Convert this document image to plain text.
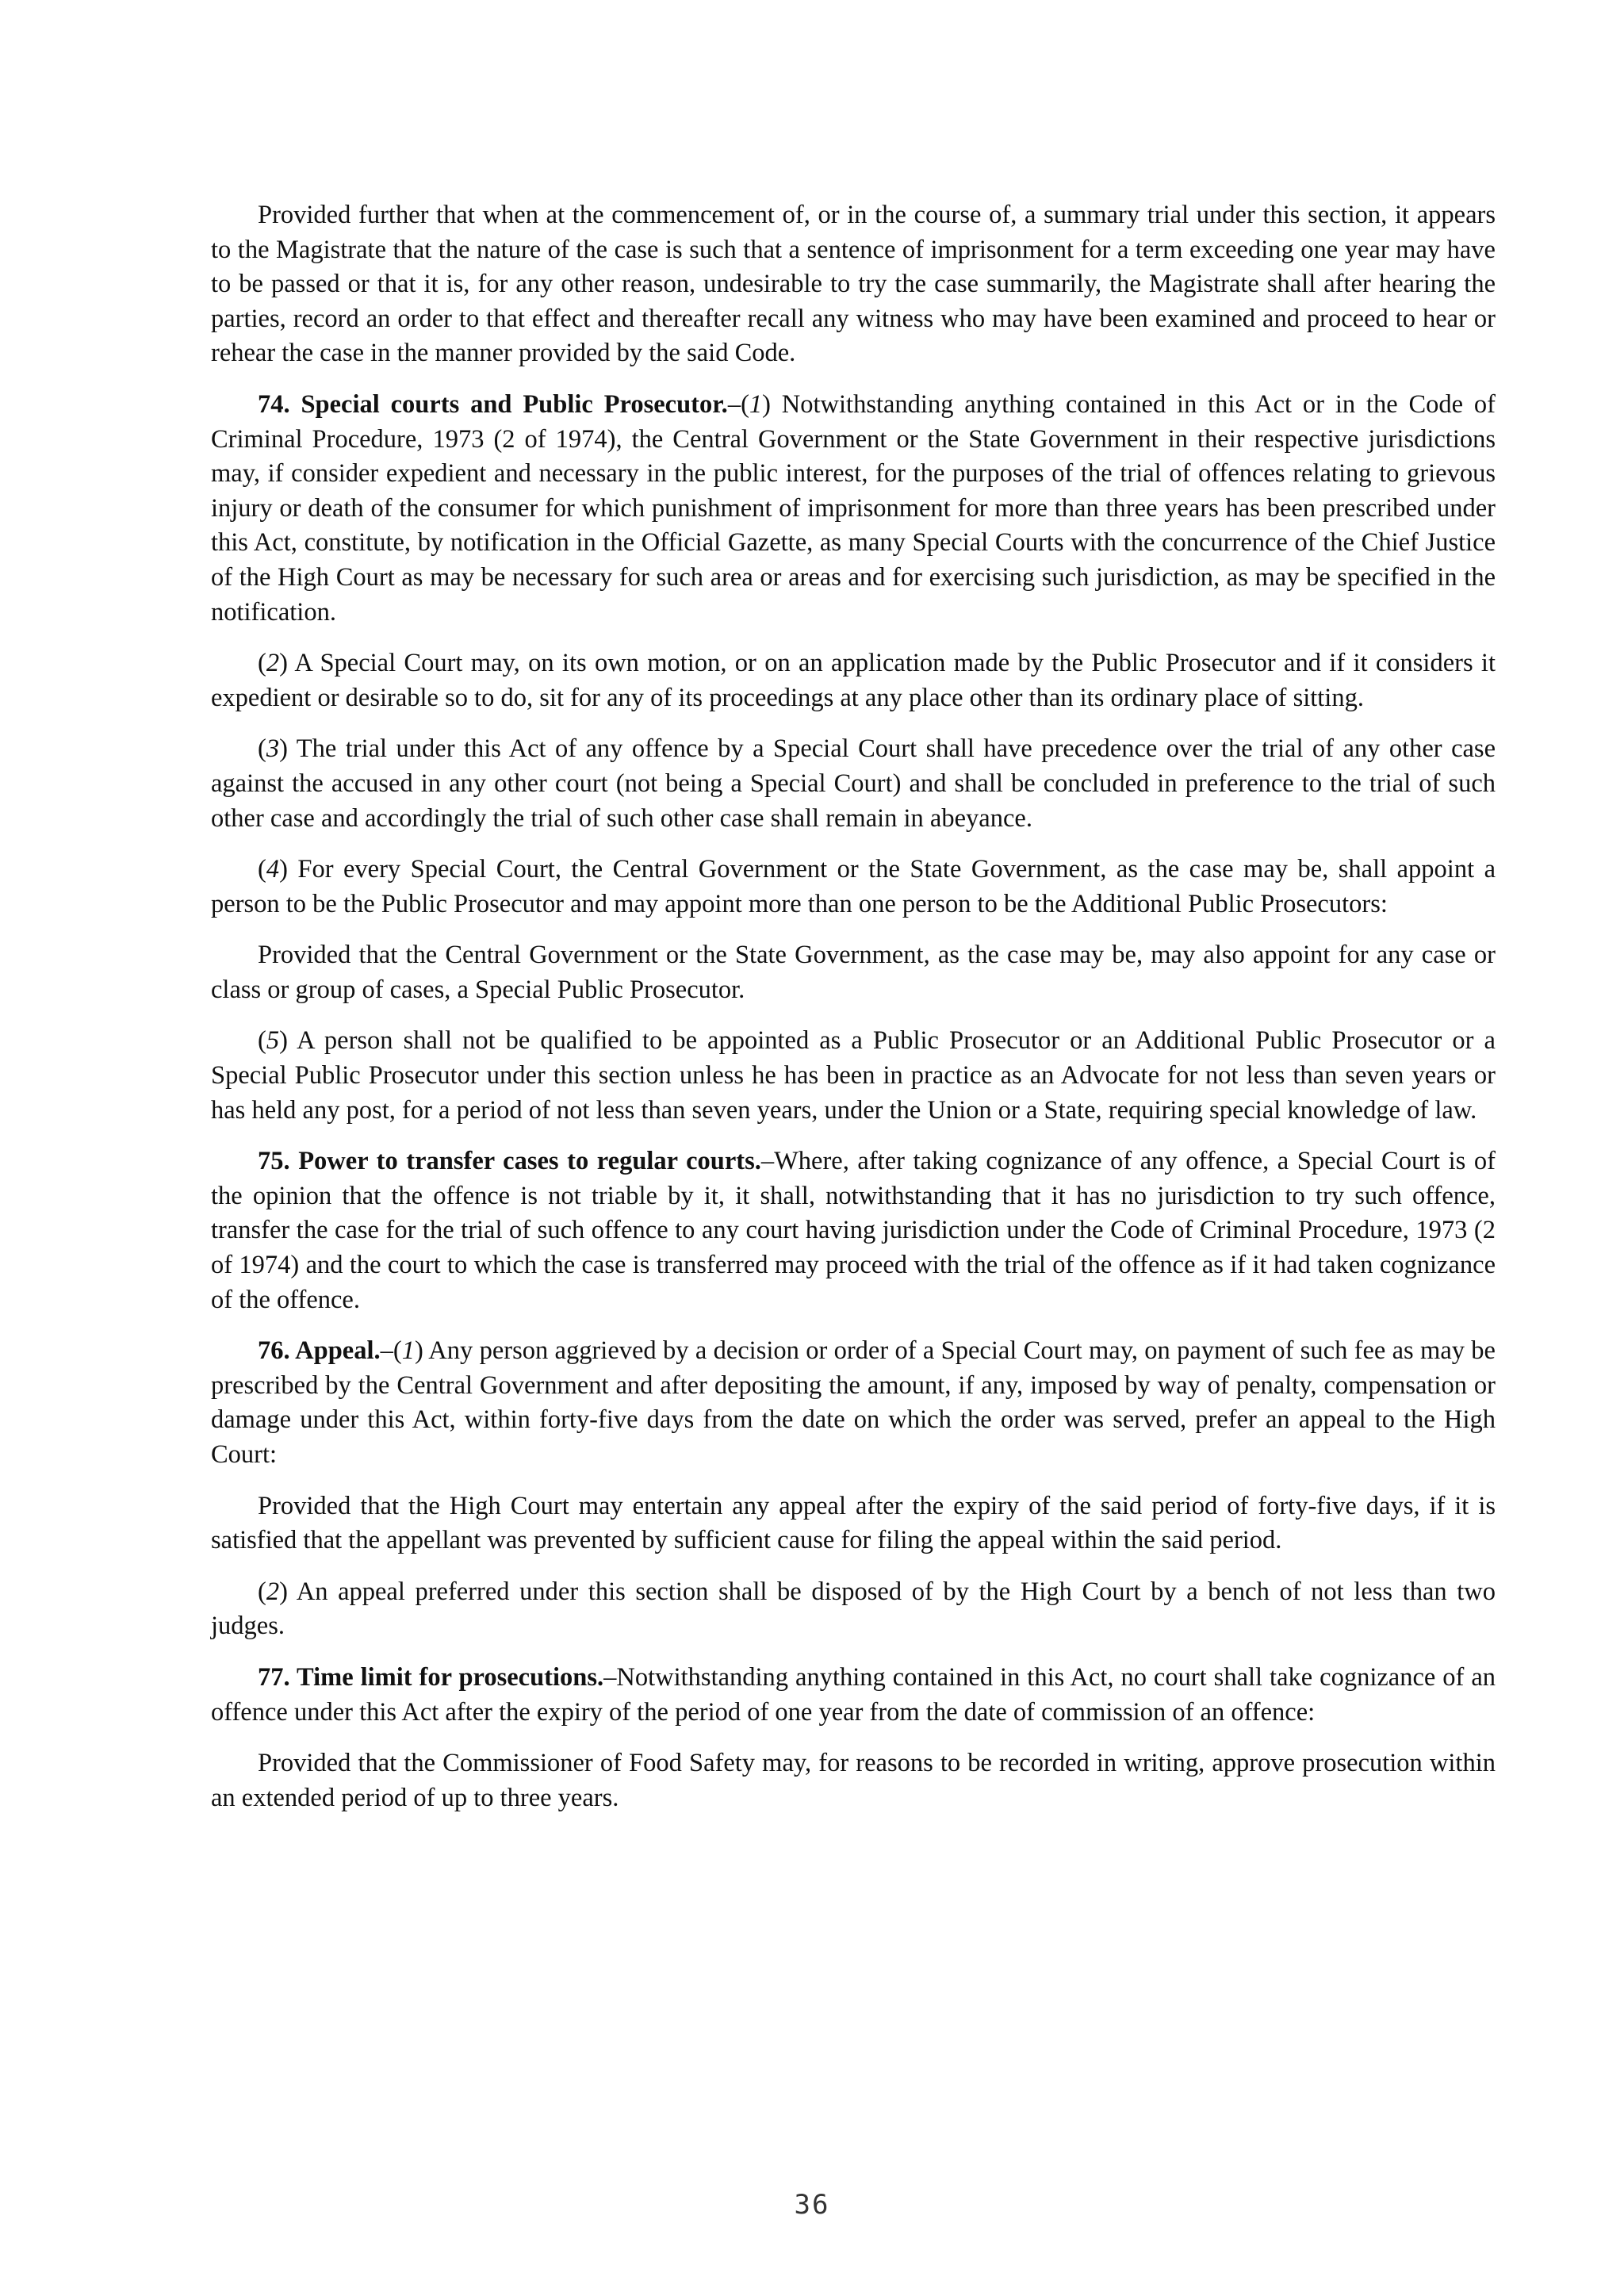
Provided further that when at the commencement of, or in the course of, a summary trial under this section, it appears to the Magistrate that the nature of the case is such that a sentence of imprisonment for a term exceeding one year may have to be passed or that it is, for any other reason, undesirable to try the case summarily, the Magistrate shall after hearing the parties, record an order to that effect and thereafter recall any witness who may have been examined and proceed to hear or rehear the case in the manner provided by the said Code.

74. Special courts and Public Prosecutor.–(1) Notwithstanding anything contained in this Act or in the Code of Criminal Procedure, 1973 (2 of 1974), the Central Government or the State Government in their respective jurisdictions may, if consider expedient and necessary in the public interest, for the purposes of the trial of offences relating to grievous injury or death of the consumer for which punishment of imprisonment for more than three years has been prescribed under this Act, constitute, by notification in the Official Gazette, as many Special Courts with the concurrence of the Chief Justice of the High Court as may be necessary for such area or areas and for exercising such jurisdiction, as may be specified in the notification.

(2) A Special Court may, on its own motion, or on an application made by the Public Prosecutor and if it considers it expedient or desirable so to do, sit for any of its proceedings at any place other than its ordinary place of sitting.

(3) The trial under this Act of any offence by a Special Court shall have precedence over the trial of any other case against the accused in any other court (not being a Special Court) and shall be concluded in preference to the trial of such other case and accordingly the trial of such other case shall remain in abeyance.

(4) For every Special Court, the Central Government or the State Government, as the case may be, shall appoint a person to be the Public Prosecutor and may appoint more than one person to be the Additional Public Prosecutors:

Provided that the Central Government or the State Government, as the case may be, may also appoint for any case or class or group of cases, a Special Public Prosecutor.

(5) A person shall not be qualified to be appointed as a Public Prosecutor or an Additional Public Prosecutor or a Special Public Prosecutor under this section unless he has been in practice as an Advocate for not less than seven years or has held any post, for a period of not less than seven years, under the Union or a State, requiring special knowledge of law.

75. Power to transfer cases to regular courts.–Where, after taking cognizance of any offence, a Special Court is of the opinion that the offence is not triable by it, it shall, notwithstanding that it has no jurisdiction to try such offence, transfer the case for the trial of such offence to any court having jurisdiction under the Code of Criminal Procedure, 1973 (2 of 1974) and the court to which the case is transferred may proceed with the trial of the offence as if it had taken cognizance of the offence.

76. Appeal.–(1) Any person aggrieved by a decision or order of a Special Court may, on payment of such fee as may be prescribed by the Central Government and after depositing the amount, if any, imposed by way of penalty, compensation or damage under this Act, within forty-five days from the date on which the order was served, prefer an appeal to the High Court:

Provided that the High Court may entertain any appeal after the expiry of the said period of forty-five days, if it is satisfied that the appellant was prevented by sufficient cause for filing the appeal within the said period.

(2) An appeal preferred under this section shall be disposed of by the High Court by a bench of not less than two judges.

77. Time limit for prosecutions.–Notwithstanding anything contained in this Act, no court shall take cognizance of an offence under this Act after the expiry of the period of one year from the date of commission of an offence:

Provided that the Commissioner of Food Safety may, for reasons to be recorded in writing, approve prosecution within an extended period of up to three years.

36
